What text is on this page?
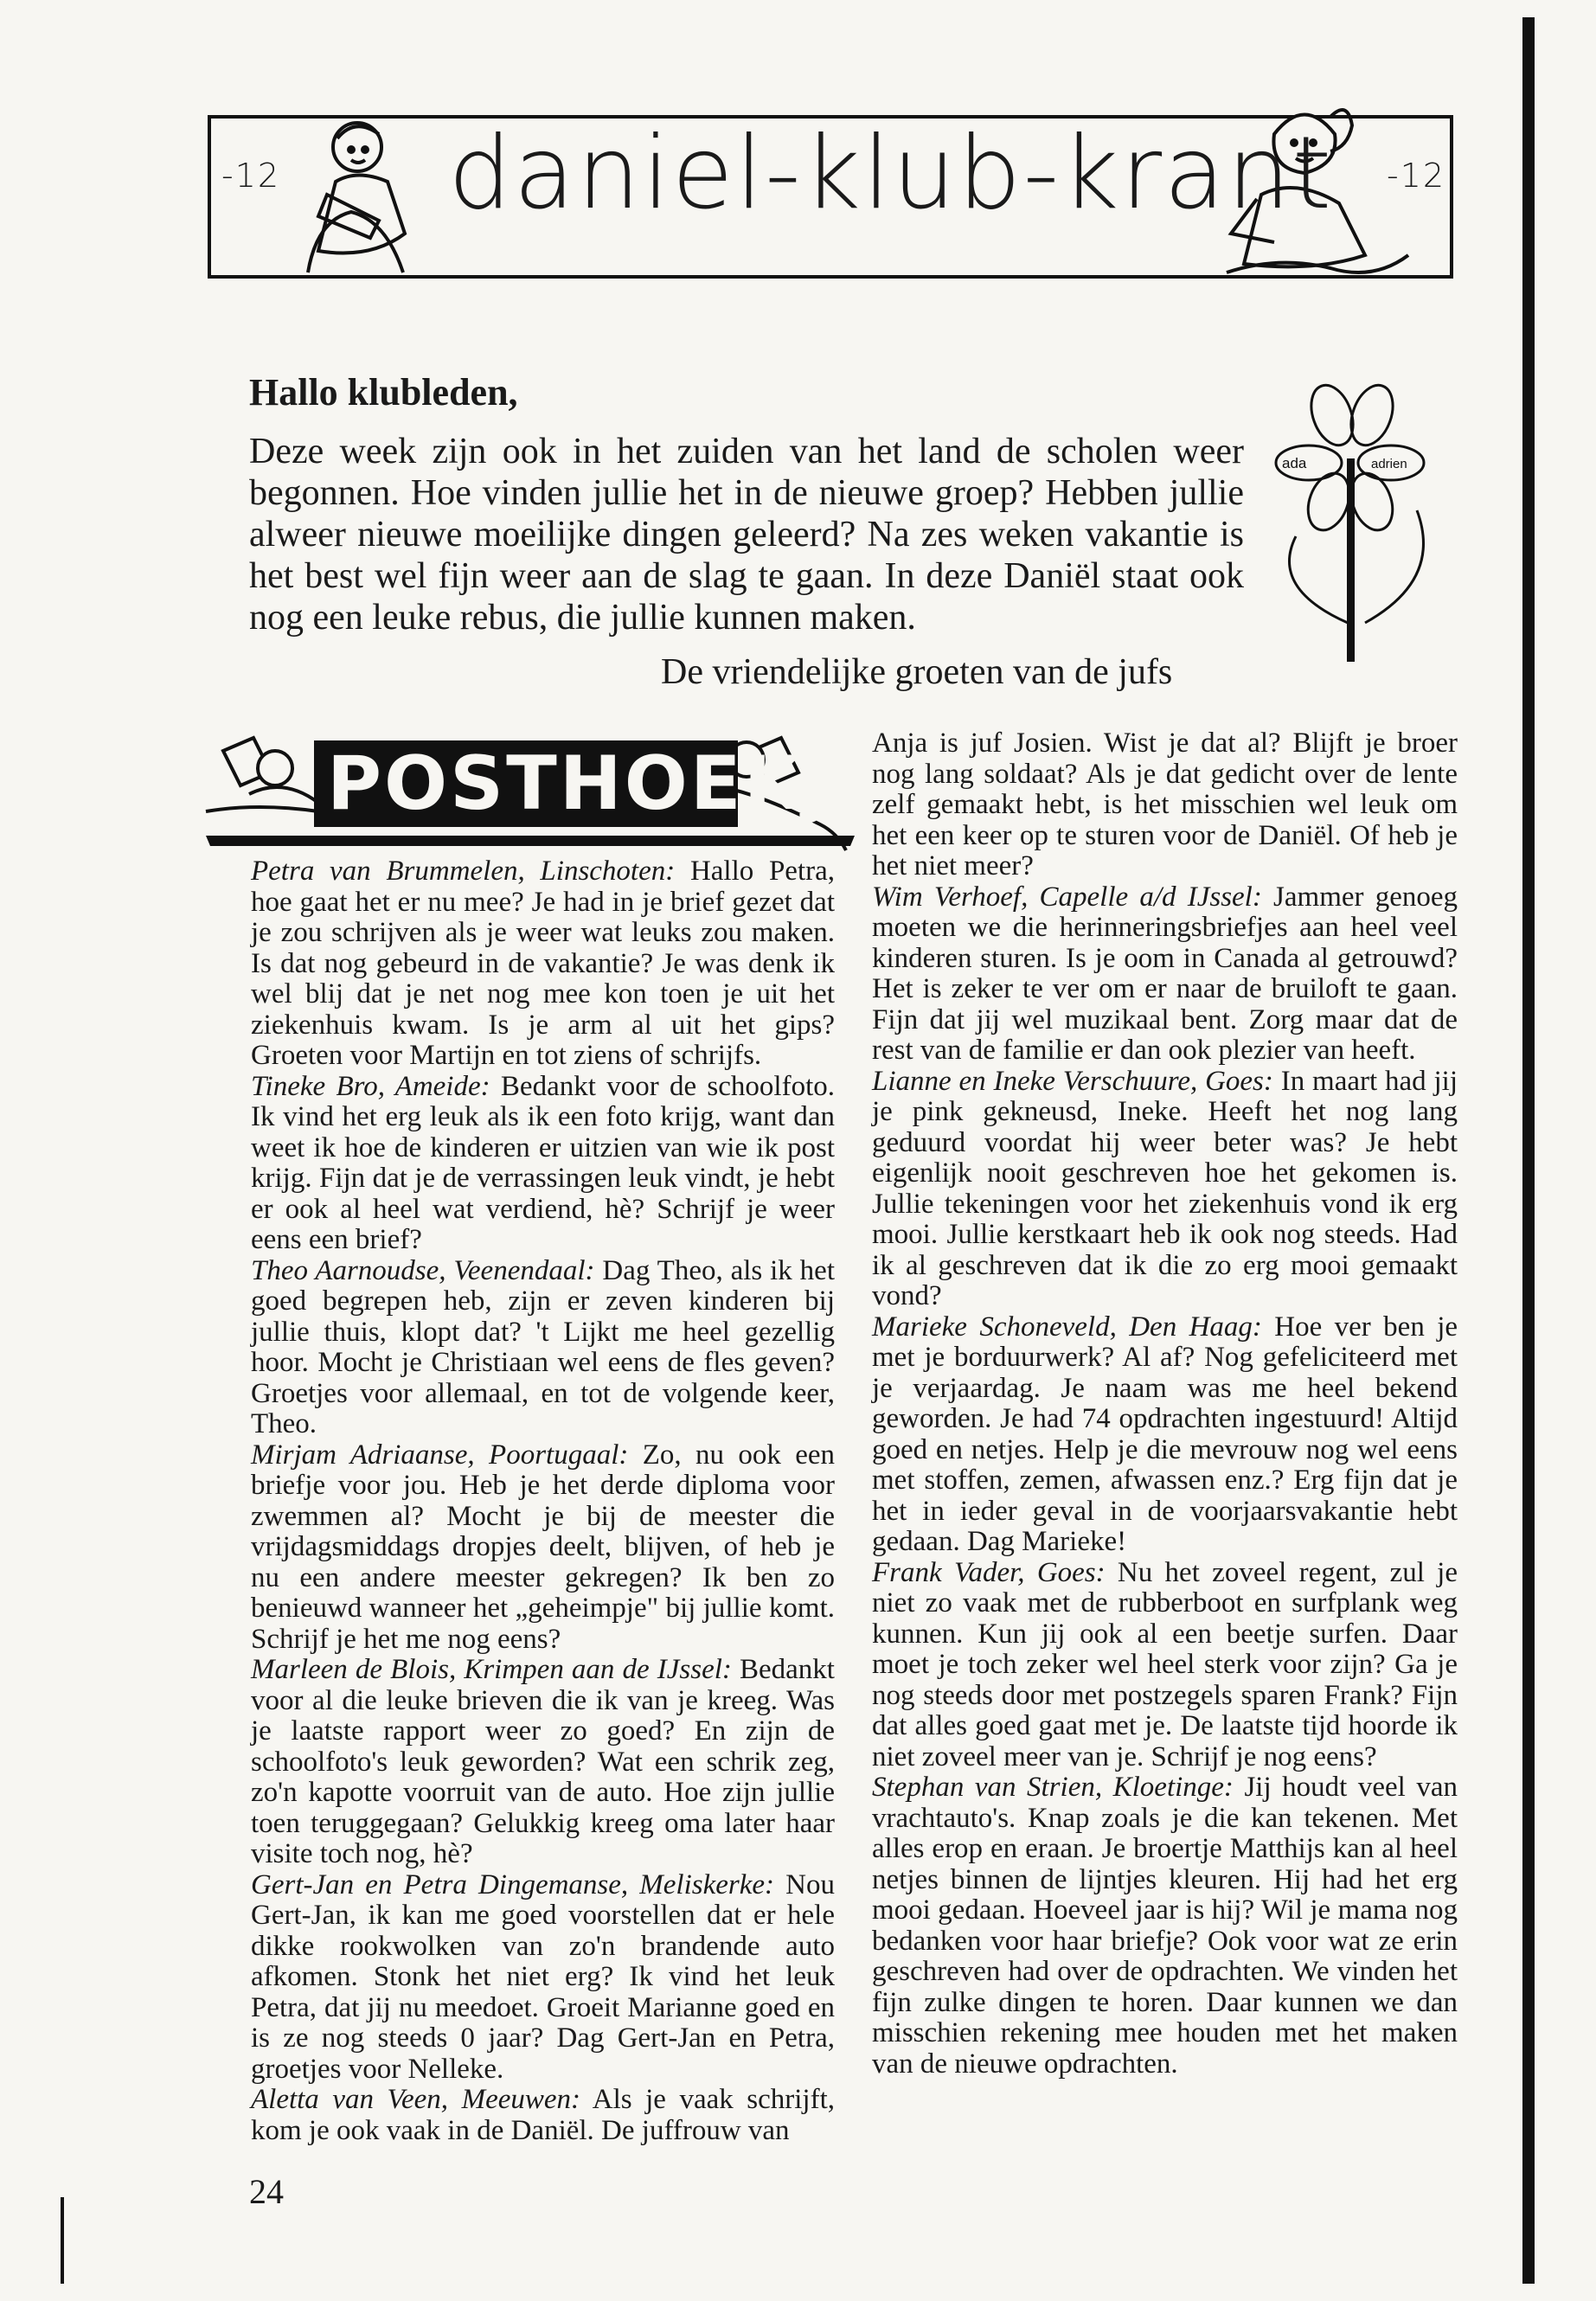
-12 daniel-klub-krant -12
Hallo klubleden,

Deze week zijn ook in het zuiden van het land de scholen weer begonnen. Hoe vinden jullie het in de nieuwe groep? Hebben jullie alweer nieuwe moeilijke dingen geleerd? Na zes weken vakantie is het best wel fijn weer aan de slag te gaan. In deze Daniël staat ook nog een leuke rebus, die jullie kunnen maken.

De vriendelijke groeten van de jufs
ada	adrien
POSTHOEKJE

Petra van Brummelen, Linschoten: Hallo Petra, hoe gaat het er nu mee? Je had in je brief gezet dat je zou schrijven als je weer wat leuks zou maken. Is dat nog gebeurd in de vakantie? Je was denk ik wel blij dat je net nog mee kon toen je uit het ziekenhuis kwam. Is je arm al uit het gips? Groeten voor Martijn en tot ziens of schrijfs.

Tineke Bro, Ameide: Bedankt voor de schoolfoto. Ik vind het erg leuk als ik een foto krijg, want dan weet ik hoe de kinderen er uitzien van wie ik post krijg. Fijn dat je de verrassingen leuk vindt, je hebt er ook al heel wat verdiend, hè? Schrijf je weer eens een brief?

Theo Aarnoudse, Veenendaal: Dag Theo, als ik het goed begrepen heb, zijn er zeven kinderen bij jullie thuis, klopt dat? 't Lijkt me heel gezellig hoor. Mocht je Christiaan wel eens de fles geven? Groetjes voor allemaal, en tot de volgende keer, Theo.

Mirjam Adriaanse, Poortugaal: Zo, nu ook een briefje voor jou. Heb je het derde diploma voor zwemmen al? Mocht je bij de meester die vrijdagsmiddags dropjes deelt, blijven, of heb je nu een andere meester gekregen? Ik ben zo benieuwd wanneer het „geheimpje" bij jullie komt. Schrijf je het me nog eens?

Marleen de Blois, Krimpen aan de IJssel: Bedankt voor al die leuke brieven die ik van je kreeg. Was je laatste rapport weer zo goed? En zijn de schoolfoto's leuk geworden? Wat een schrik zeg, zo'n kapotte voorruit van de auto. Hoe zijn jullie toen teruggegaan? Gelukkig kreeg oma later haar visite toch nog, hè?

Gert-Jan en Petra Dingemanse, Meliskerke: Nou Gert-Jan, ik kan me goed voorstellen dat er hele dikke rookwolken van zo'n brandende auto afkomen. Stonk het niet erg? Ik vind het leuk Petra, dat jij nu meedoet. Groeit Marianne goed en is ze nog steeds 0 jaar? Dag Gert-Jan en Petra, groetjes voor Nelleke.

Aletta van Veen, Meeuwen: Als je vaak schrijft, kom je ook vaak in de Daniël. De juffrouw van

Anja is juf Josien. Wist je dat al? Blijft je broer nog lang soldaat? Als je dat gedicht over de lente zelf gemaakt hebt, is het misschien wel leuk om het een keer op te sturen voor de Daniël. Of heb je het niet meer?

Wim Verhoef, Capelle a/d IJssel: Jammer genoeg moeten we die herinneringsbriefjes aan heel veel kinderen sturen. Is je oom in Canada al getrouwd? Het is zeker te ver om er naar de bruiloft te gaan. Fijn dat jij wel muzikaal bent. Zorg maar dat de rest van de familie er dan ook plezier van heeft.

Lianne en Ineke Verschuure, Goes: In maart had jij je pink gekneusd, Ineke. Heeft het nog lang geduurd voordat hij weer beter was? Je hebt eigenlijk nooit geschreven hoe het gekomen is. Jullie tekeningen voor het ziekenhuis vond ik erg mooi. Jullie kerstkaart heb ik ook nog steeds. Had ik al geschreven dat ik die zo erg mooi gemaakt vond?

Marieke Schoneveld, Den Haag: Hoe ver ben je met je borduurwerk? Al af? Nog gefeliciteerd met je verjaardag. Je naam was me heel bekend geworden. Je had 74 opdrachten ingestuurd! Altijd goed en netjes. Help je die mevrouw nog wel eens met stoffen, zemen, afwassen enz.? Erg fijn dat je het in ieder geval in de voorjaarsvakantie hebt gedaan. Dag Marieke!

Frank Vader, Goes: Nu het zoveel regent, zul je niet zo vaak met de rubberboot en surfplank weg kunnen. Kun jij ook al een beetje surfen. Daar moet je toch zeker wel heel sterk voor zijn? Ga je nog steeds door met postzegels sparen Frank? Fijn dat alles goed gaat met je. De laatste tijd hoorde ik niet zoveel meer van je. Schrijf je nog eens?

Stephan van Strien, Kloetinge: Jij houdt veel van vrachtauto's. Knap zoals je die kan tekenen. Met alles erop en eraan. Je broertje Matthijs kan al heel netjes binnen de lijntjes kleuren. Hij had het erg mooi gedaan. Hoeveel jaar is hij? Wil je mama nog bedanken voor haar briefje? Ook voor wat ze erin geschreven had over de opdrachten. We vinden het fijn zulke dingen te horen. Daar kunnen we dan misschien rekening mee houden met het maken van de nieuwe opdrachten.

24
